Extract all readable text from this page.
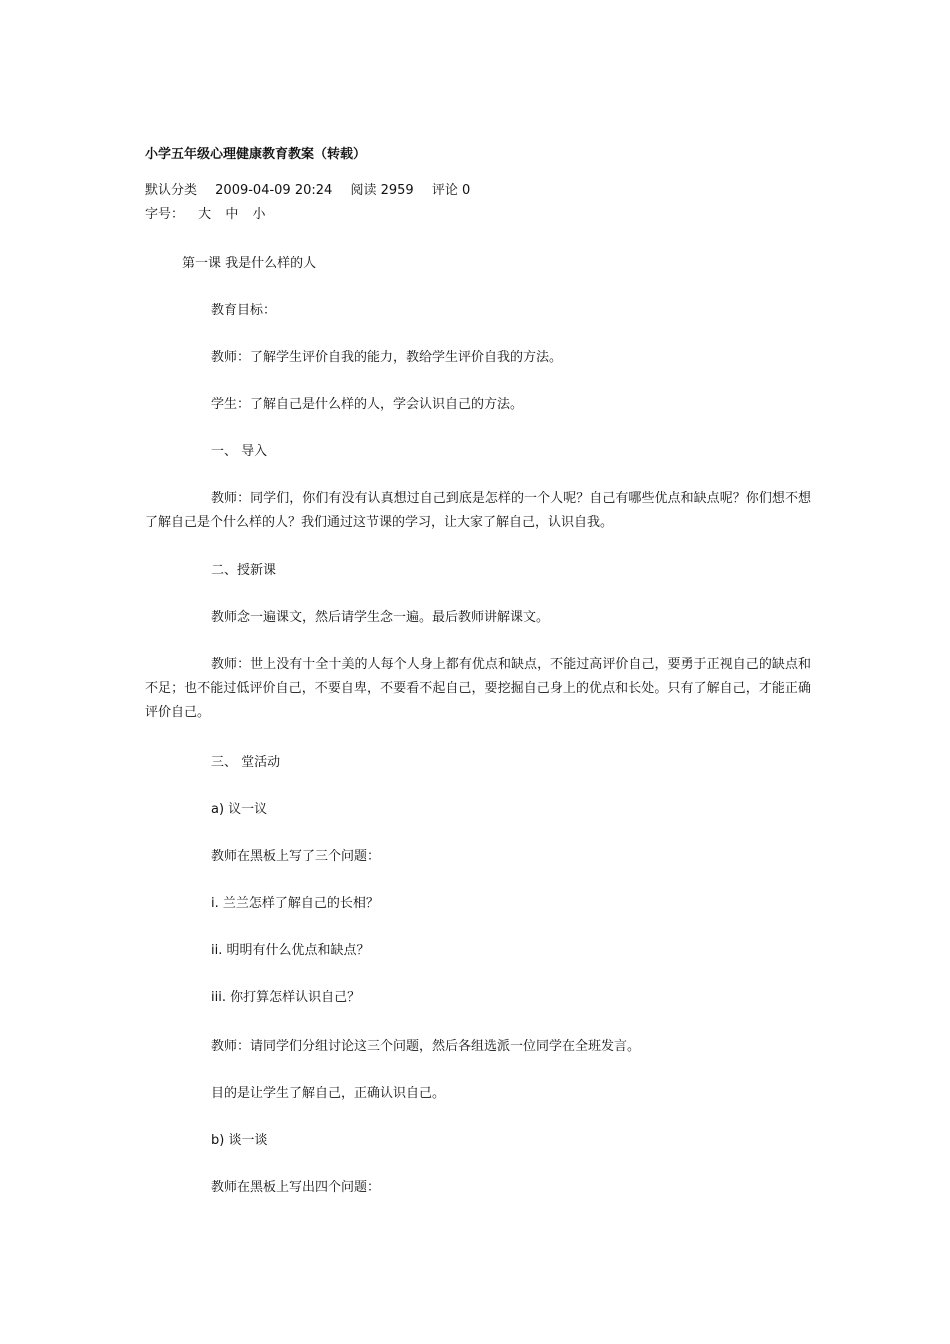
小学五年级心理健康教育教案（转载）
默认分类 2009-04-09 20:24 阅读 2959 评论 0
字号： 大 中 小
第一课 我是什么样的人
教育目标：
教师：了解学生评价自我的能力，教给学生评价自我的方法。
学生：了解自己是什么样的人，学会认识自己的方法。
一、 导入

教师：同学们，你们有没有认真想过自己到底是怎样的一个人呢？自己有哪些优点和缺点呢？你们想不想了解自己是个什么样的人？我们通过这节课的学习，让大家了解自己，认识自我。

二、授新课
教师念一遍课文，然后请学生念一遍。最后教师讲解课文。

教师：世上没有十全十美的人每个人身上都有优点和缺点，不能过高评价自己，要勇于正视自己的缺点和不足；也不能过低评价自己，不要自卑，不要看不起自己，要挖掘自己身上的优点和长处。只有了解自己，才能正确评价自己。

三、 堂活动
a) 议一议
教师在黑板上写了三个问题：
i. 兰兰怎样了解自己的长相？
ii. 明明有什么优点和缺点？
iii. 你打算怎样认识自己？
教师：请同学们分组讨论这三个问题，然后各组选派一位同学在全班发言。
目的是让学生了解自己，正确认识自己。
b) 谈一谈
教师在黑板上写出四个问题：
